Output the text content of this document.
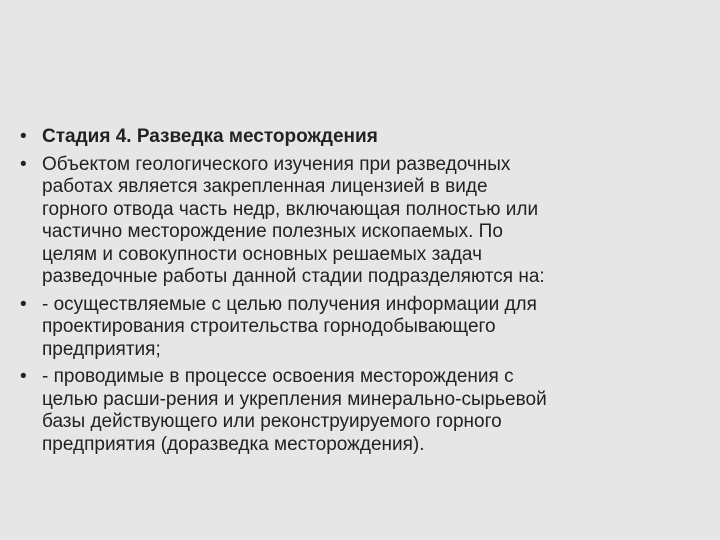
• Стадия 4. Разведка месторождения
• Объектом геологического изучения при разведочных
работах является закрепленная лицензией в виде
горного отвода часть недр, включающая полностью или
частично месторождение полезных ископаемых. По
целям и совокупности основных решаемых задач
разведочные работы данной стадии подразделяются на:
• - осуществляемые с целью получения информации для
проектирования строительства горнодобывающего
предприятия;
• - проводимые в процессе освоения месторождения с
целью расши-рения и укрепления минерально-сырьевой
базы действующего или реконструируемого горного
предприятия (доразведка месторождения).
